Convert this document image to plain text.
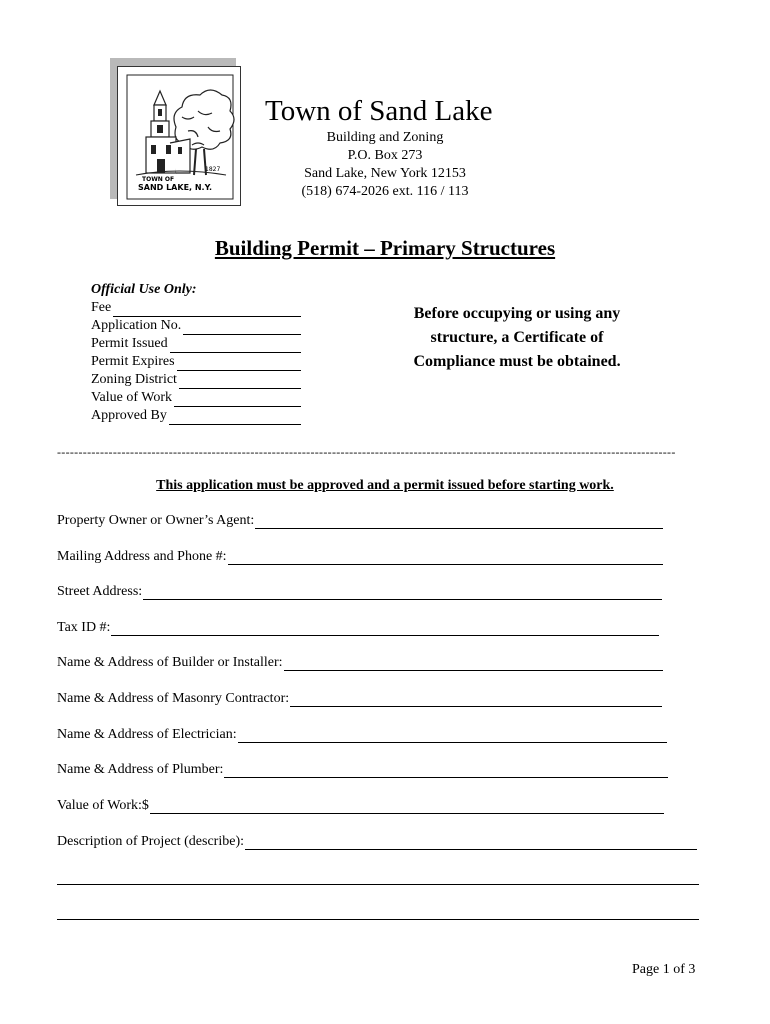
1827
TOWN OF
SAND LAKE, N.Y.
Town of Sand Lake
Building and Zoning
P.O. Box 273
Sand Lake, New York 12153
(518) 674-2026 ext. 116 / 113
Building Permit – Primary Structures
Official Use Only:
Fee
Application No.
Permit Issued
Permit Expires
Zoning District
Value of Work
Approved By
Before occupying or using any structure, a Certificate of Compliance must be obtained.
------------------------------------------------------------------------------------------------------------------------------------------------
This application must be approved and a permit issued before starting work.
Property Owner or Owner’s Agent:
Mailing Address and Phone #:
Street Address:
Tax ID #:
Name & Address of Builder or Installer:
Name & Address of Masonry Contractor:
Name & Address of Electrician:
Name & Address of Plumber:
Value of Work:$
Description of Project (describe):
Page 1 of 3
